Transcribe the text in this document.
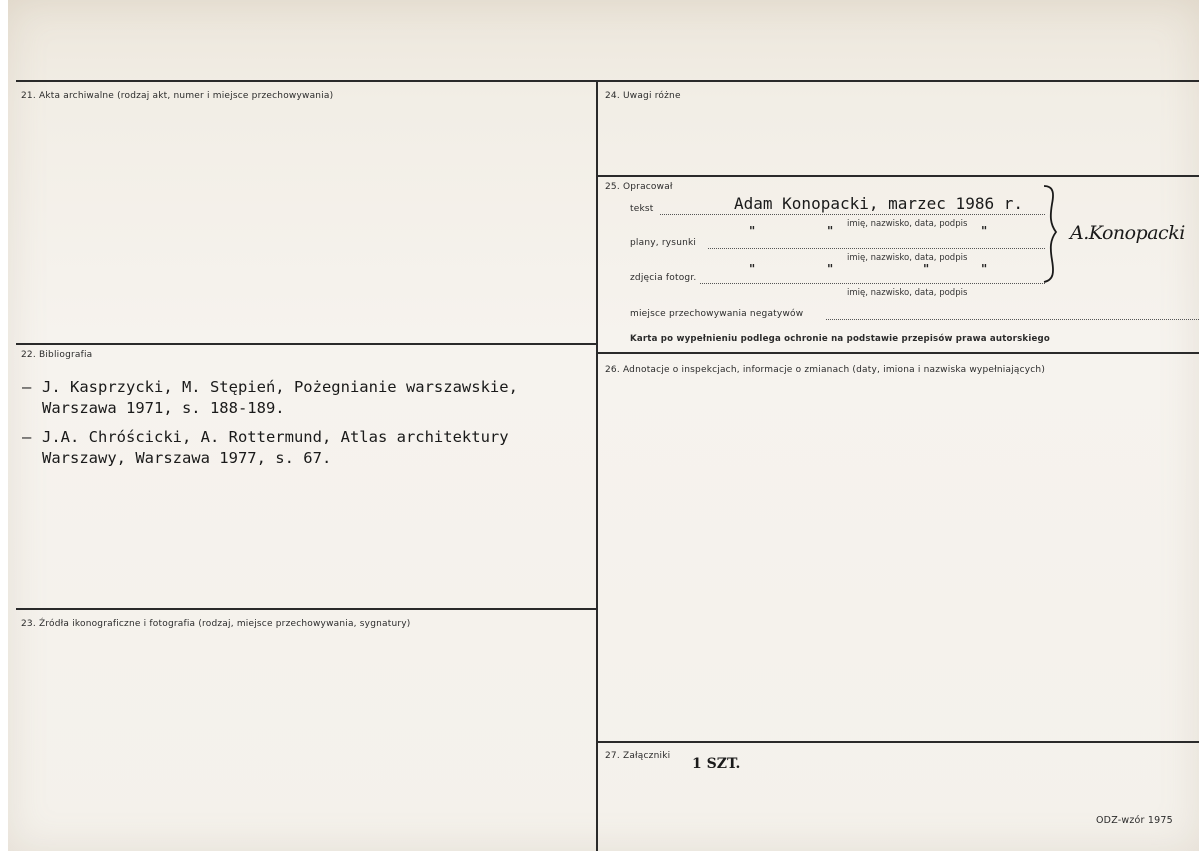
21. Akta archiwalne (rodzaj akt, numer i miejsce przechowywania)
22. Bibliografia
– J. Kasprzycki, M. Stępień, Pożegnianie warszawskie,
Warszawa 1971, s. 188-189.
– J.A. Chróścicki, A. Rottermund, Atlas architektury
Warszawy, Warszawa 1977, s. 67.
23. Źródła ikonograficzne i fotografia (rodzaj, miejsce przechowywania, sygnatury)
24. Uwagi różne
25. Opracował
tekst	Adam Konopacki, marzec 1986 r.
imię, nazwisko, data, podpis
plany, rysunki
"	"	"
imię, nazwisko, data, podpis
zdjęcia fotogr.
"	"	"	"
imię, nazwisko, data, podpis
A.Konopacki
miejsce przechowywania negatywów
Karta po wypełnieniu podlega ochronie na podstawie przepisów prawa autorskiego
26. Adnotacje o inspekcjach, informacje o zmianach (daty, imiona i nazwiska wypełniających)
27. Załączniki 1 SZT.
ODZ-wzór 1975
